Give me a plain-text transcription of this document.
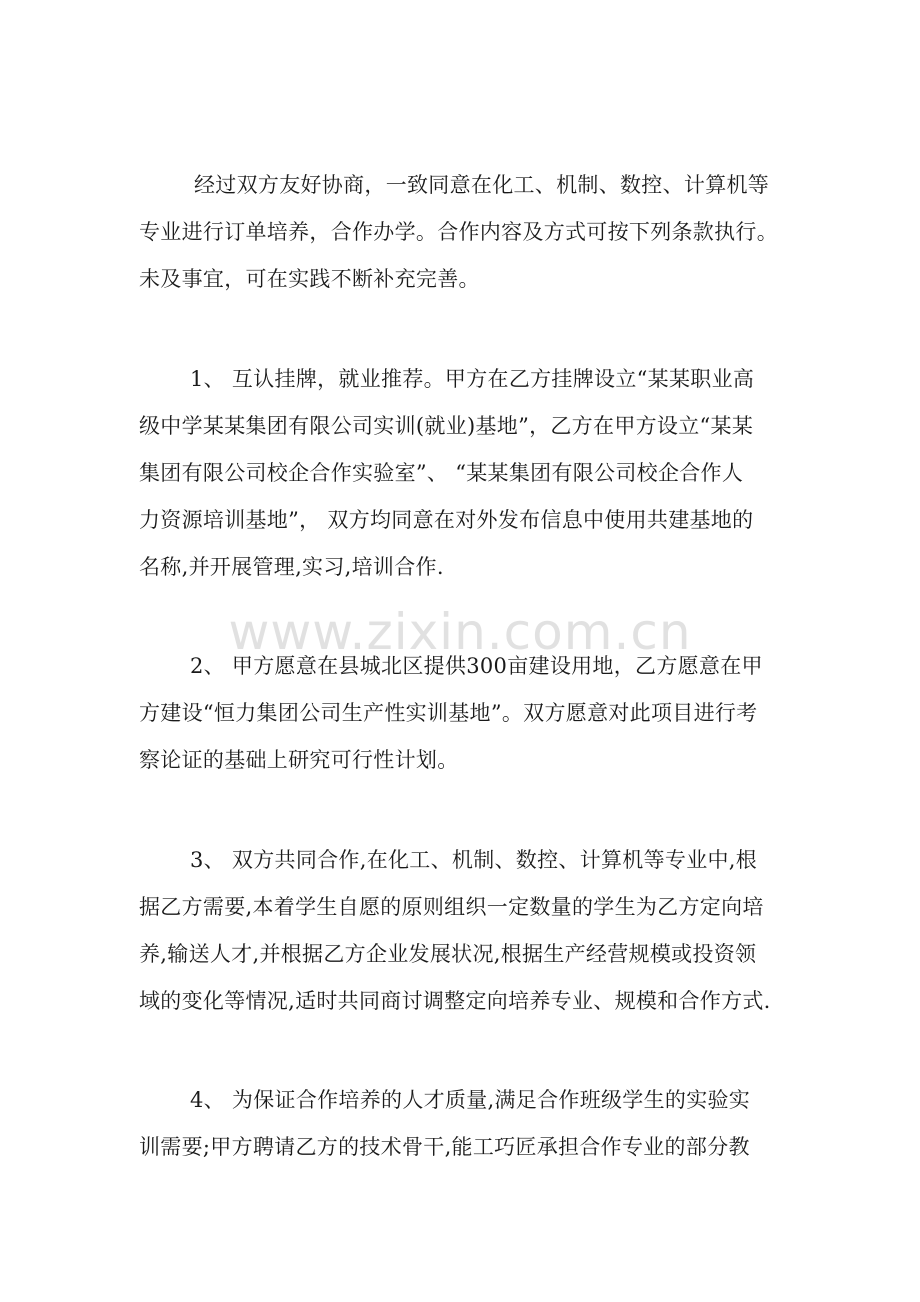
经过双方友好协商，一致同意在化工、机制、数控、计算机等
专业进行订单培养，合作办学。合作内容及方式可按下列条款执行。
未及事宜，可在实践不断补充完善。
1、 互认挂牌，就业推荐。甲方在乙方挂牌设立“某某职业高
级中学某某集团有限公司实训(就业)基地”，乙方在甲方设立“某某
集团有限公司校企合作实验室”、 “某某集团有限公司校企合作人
力资源培训基地”， 双方均同意在对外发布信息中使用共建基地的
名称,并开展管理,实习,培训合作.
www.zixin.com.cn
2、 甲方愿意在县城北区提供300亩建设用地，乙方愿意在甲
方建设“恒力集团公司生产性实训基地”。双方愿意对此项目进行考
察论证的基础上研究可行性计划。
3、 双方共同合作,在化工、机制、数控、计算机等专业中,根
据乙方需要,本着学生自愿的原则组织一定数量的学生为乙方定向培
养,输送人才,并根据乙方企业发展状况,根据生产经营规模或投资领
域的变化等情况,适时共同商讨调整定向培养专业、规模和合作方式.
4、 为保证合作培养的人才质量,满足合作班级学生的实验实
训需要;甲方聘请乙方的技术骨干,能工巧匠承担合作专业的部分教
